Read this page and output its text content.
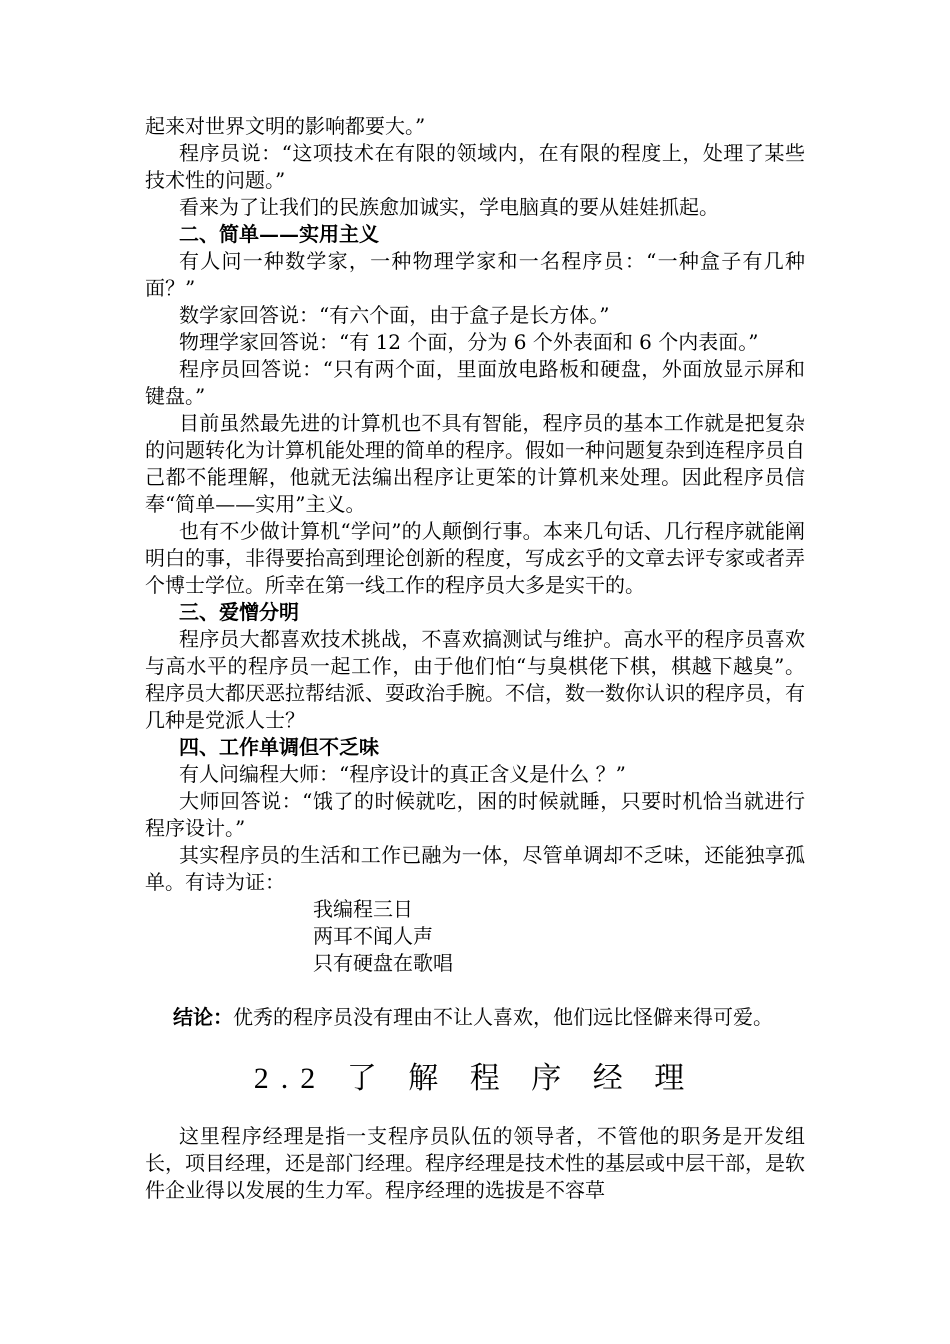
起来对世界文明的影响都要大。”

程序员说：“这项技术在有限的领域内，在有限的程度上，处理了某些技术性的问题。”

看来为了让我们的民族愈加诚实，学电脑真的要从娃娃抓起。

二、简单——实用主义

有人问一种数学家，一种物理学家和一名程序员：“一种盒子有几种面？”

数学家回答说：“有六个面，由于盒子是长方体。”

物理学家回答说：“有 12 个面，分为 6 个外表面和 6 个内表面。”

程序员回答说：“只有两个面，里面放电路板和硬盘，外面放显示屏和键盘。”

目前虽然最先进的计算机也不具有智能，程序员的基本工作就是把复杂的问题转化为计算机能处理的简单的程序。假如一种问题复杂到连程序员自己都不能理解，他就无法编出程序让更笨的计算机来处理。因此程序员信奉“简单——实用”主义。

也有不少做计算机“学问”的人颠倒行事。本来几句话、几行程序就能阐明白的事，非得要抬高到理论创新的程度，写成玄乎的文章去评专家或者弄个博士学位。所幸在第一线工作的程序员大多是实干的。

三、爱憎分明

程序员大都喜欢技术挑战，不喜欢搞测试与维护。高水平的程序员喜欢与高水平的程序员一起工作，由于他们怕“与臭棋佬下棋，棋越下越臭”。程序员大都厌恶拉帮结派、耍政治手腕。不信，数一数你认识的程序员，有几种是党派人士？

四、工作单调但不乏味

有人问编程大师：“程序设计的真正含义是什么 ？”

大师回答说：“饿了的时候就吃，困的时候就睡，只要时机恰当就进行程序设计。”

其实程序员的生活和工作已融为一体，尽管单调却不乏味，还能独享孤单。有诗为证：

我编程三日

两耳不闻人声

只有硬盘在歌唱

结论：优秀的程序员没有理由不让人喜欢，他们远比怪僻来得可爱。

2.2 了 解 程 序 经 理

这里程序经理是指一支程序员队伍的领导者，不管他的职务是开发组长，项目经理，还是部门经理。程序经理是技术性的基层或中层干部，是软件企业得以发展的生力军。程序经理的选拔是不容草
